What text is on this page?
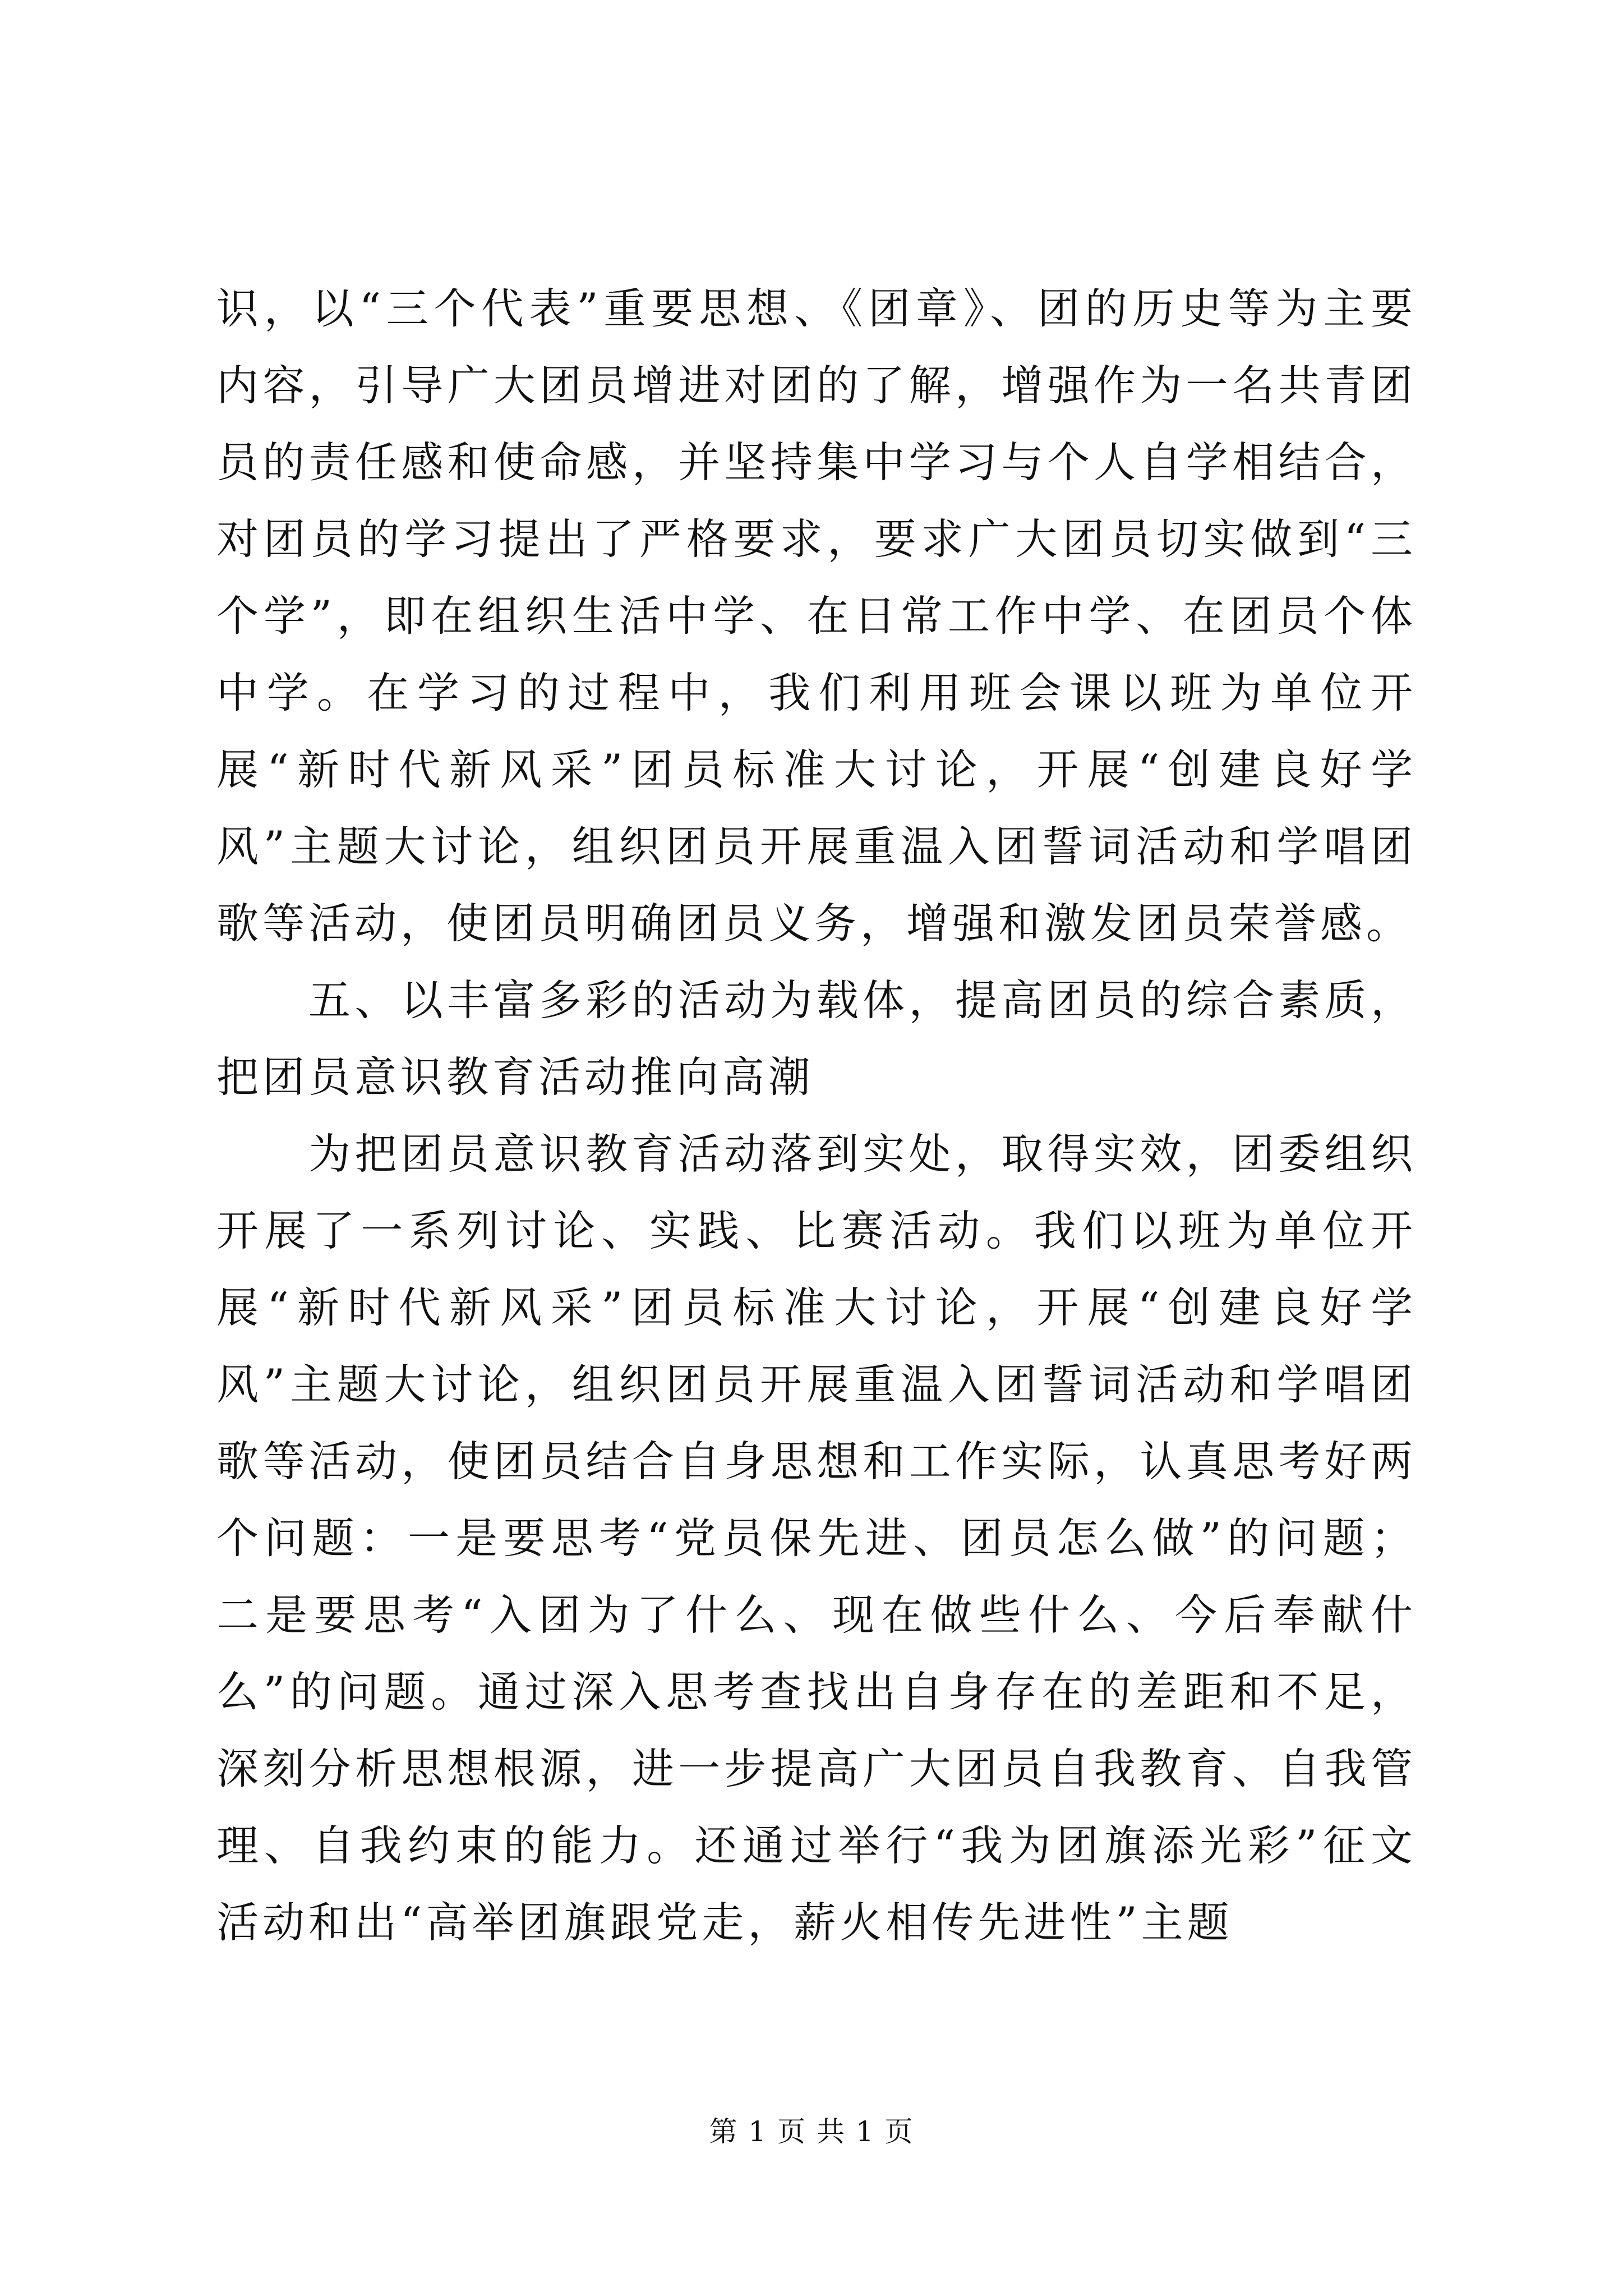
识，以“三个代表”重要思想、《团章》、团的历史等为主要内容，引导广大团员增进对团的了解，增强作为一名共青团员的责任感和使命感，并坚持集中学习与个人自学相结合，对团员的学习提出了严格要求，要求广大团员切实做到“三个学”，即在组织生活中学、在日常工作中学、在团员个体中学。在学习的过程中，我们利用班会课以班为单位开展“新时代新风采”团员标准大讨论，开展“创建良好学风”主题大讨论，组织团员开展重温入团誓词活动和学唱团歌等活动，使团员明确团员义务，增强和激发团员荣誉感。

五、以丰富多彩的活动为载体，提高团员的综合素质，把团员意识教育活动推向高潮

为把团员意识教育活动落到实处，取得实效，团委组织开展了一系列讨论、实践、比赛活动。我们以班为单位开展“新时代新风采”团员标准大讨论，开展“创建良好学风”主题大讨论，组织团员开展重温入团誓词活动和学唱团歌等活动，使团员结合自身思想和工作实际，认真思考好两个问题：一是要思考“党员保先进、团员怎么做”的问题；二是要思考“入团为了什么、现在做些什么、今后奉献什么”的问题。通过深入思考查找出自身存在的差距和不足，深刻分析思想根源，进一步提高广大团员自我教育、自我管理、自我约束的能力。还通过举行“我为团旗添光彩”征文活动和出“高举团旗跟党走，薪火相传先进性”主题

第 1 页 共 1 页
